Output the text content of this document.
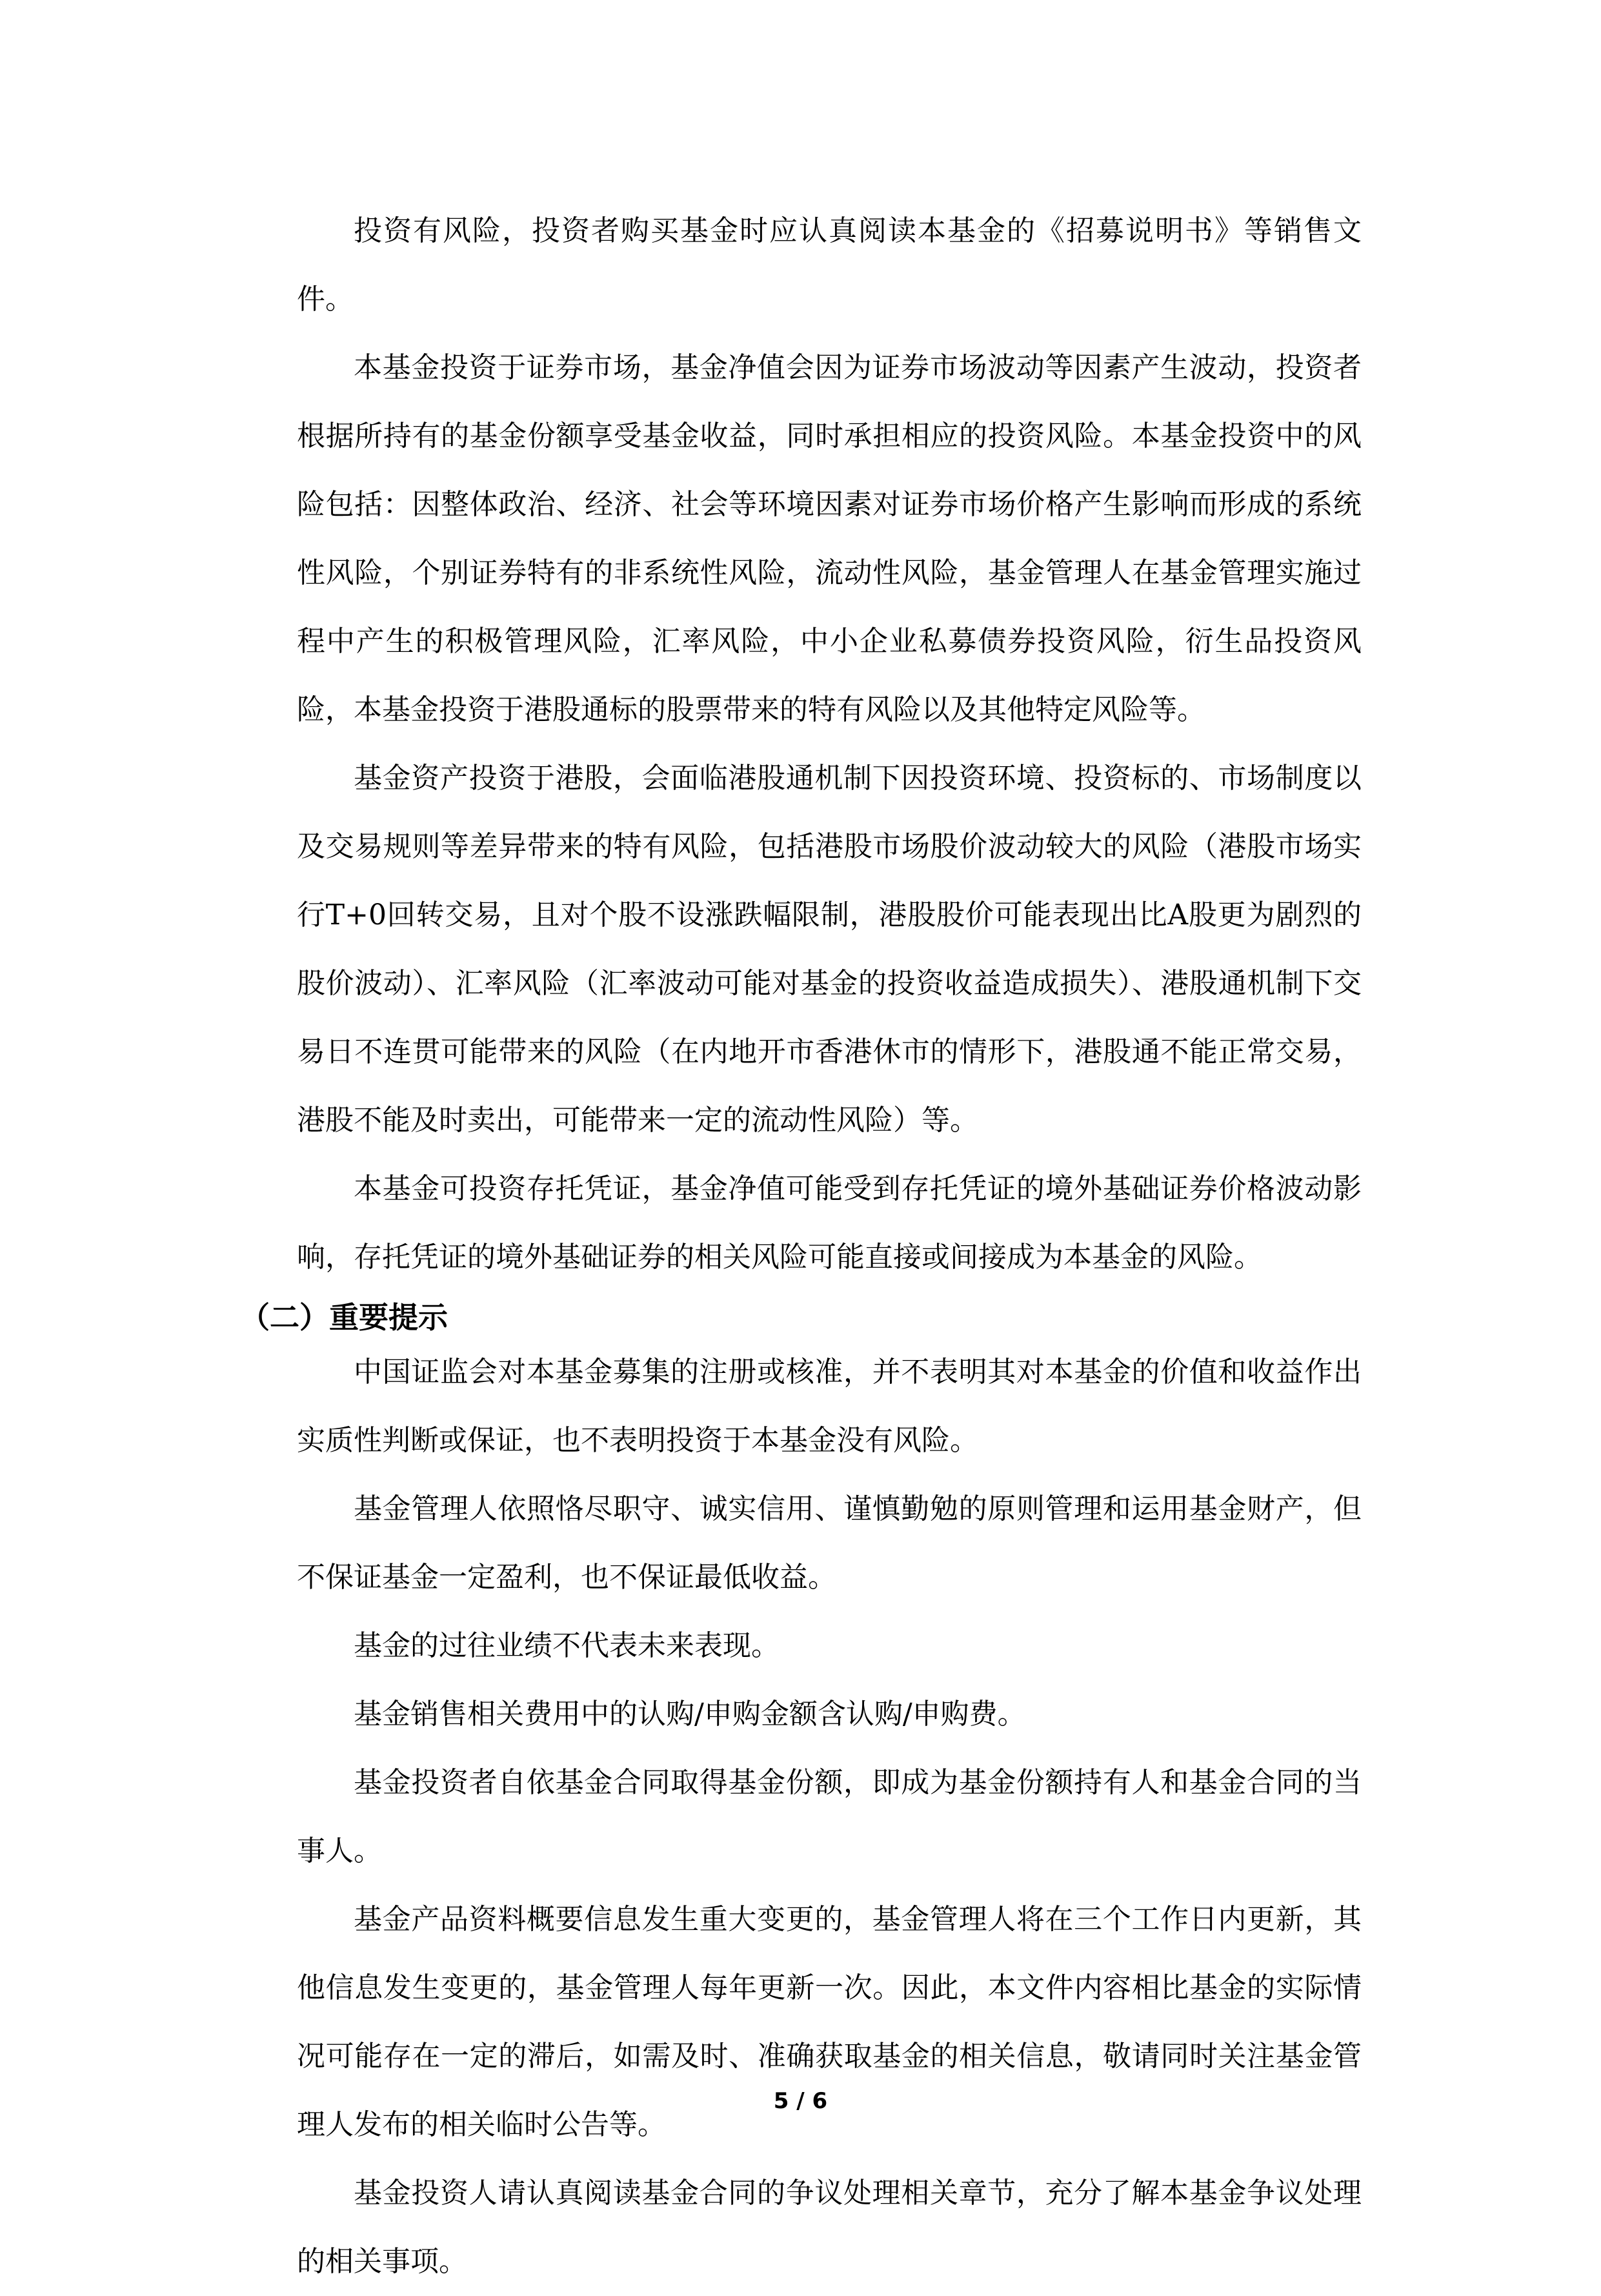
投资有风险，投资者购买基金时应认真阅读本基金的《招募说明书》等销售文件。

本基金投资于证券市场，基金净值会因为证券市场波动等因素产生波动，投资者根据所持有的基金份额享受基金收益，同时承担相应的投资风险。本基金投资中的风险包括：因整体政治、经济、社会等环境因素对证券市场价格产生影响而形成的系统性风险，个别证券特有的非系统性风险，流动性风险，基金管理人在基金管理实施过程中产生的积极管理风险，汇率风险，中小企业私募债券投资风险，衍生品投资风险，本基金投资于港股通标的股票带来的特有风险以及其他特定风险等。

基金资产投资于港股，会面临港股通机制下因投资环境、投资标的、市场制度以及交易规则等差异带来的特有风险，包括港股市场股价波动较大的风险（港股市场实行T+0回转交易，且对个股不设涨跌幅限制，港股股价可能表现出比A股更为剧烈的股价波动）、汇率风险（汇率波动可能对基金的投资收益造成损失）、港股通机制下交易日不连贯可能带来的风险（在内地开市香港休市的情形下，港股通不能正常交易，港股不能及时卖出，可能带来一定的流动性风险）等。

本基金可投资存托凭证，基金净值可能受到存托凭证的境外基础证券价格波动影响，存托凭证的境外基础证券的相关风险可能直接或间接成为本基金的风险。

（二）重要提示

中国证监会对本基金募集的注册或核准，并不表明其对本基金的价值和收益作出实质性判断或保证，也不表明投资于本基金没有风险。

基金管理人依照恪尽职守、诚实信用、谨慎勤勉的原则管理和运用基金财产，但不保证基金一定盈利，也不保证最低收益。

基金的过往业绩不代表未来表现。

基金销售相关费用中的认购/申购金额含认购/申购费。

基金投资者自依基金合同取得基金份额，即成为基金份额持有人和基金合同的当事人。

基金产品资料概要信息发生重大变更的，基金管理人将在三个工作日内更新，其他信息发生变更的，基金管理人每年更新一次。因此，本文件内容相比基金的实际情况可能存在一定的滞后，如需及时、准确获取基金的相关信息，敬请同时关注基金管理人发布的相关临时公告等。

基金投资人请认真阅读基金合同的争议处理相关章节，充分了解本基金争议处理的相关事项。

5 / 6
